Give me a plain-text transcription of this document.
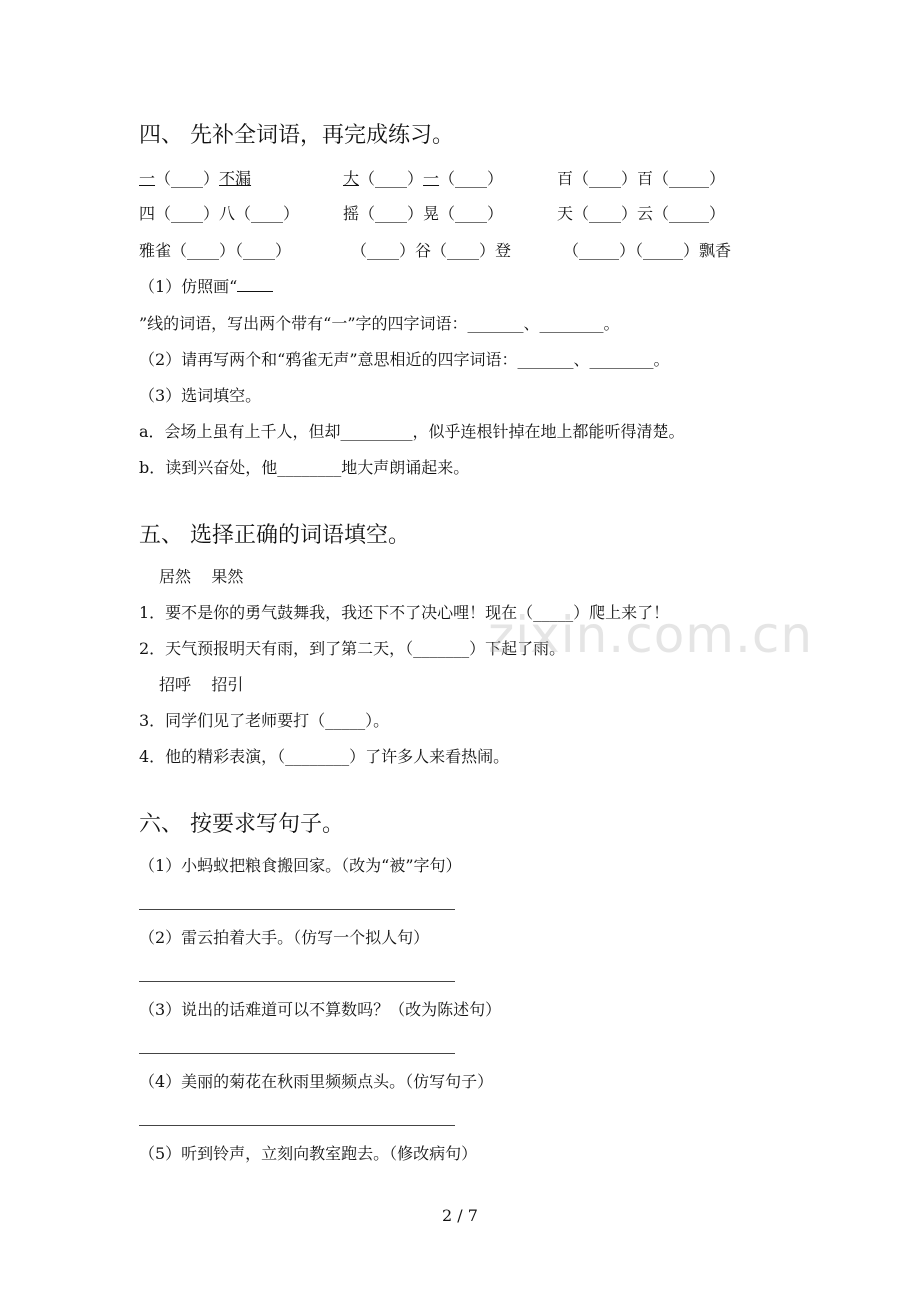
四、 先补全词语，再完成练习。
一（____）不漏	大（____）一（____）	百（____）百（_____）
四（____）八（____）	摇（____）晃（____）	天（____）云（_____）
雅雀（____）（____）	（____）谷（____）登	（_____）（_____）飘香
（1）仿照画“
”线的词语，写出两个带有“一”字的四字词语：_______、________。
（2）请再写两个和“鸦雀无声”意思相近的四字词语：_______、________。
（3）选词填空。
a．会场上虽有上千人，但却_________，似乎连根针掉在地上都能听得清楚。
b．读到兴奋处，他________地大声朗诵起来。
五、 选择正确的词语填空。
居然    果然
1．要不是你的勇气鼓舞我，我还下不了决心哩！现在（_____）爬上来了！
2．天气预报明天有雨，到了第二天，（_______）下起了雨。
招呼    招引
3．同学们见了老师要打（_____）。
4．他的精彩表演，（________）了许多人来看热闹。
六、 按要求写句子。
（1）小蚂蚁把粮食搬回家。（改为“被”字句）
（2）雷云拍着大手。（仿写一个拟人句）
（3）说出的话难道可以不算数吗？（改为陈述句）
（4）美丽的菊花在秋雨里频频点头。（仿写句子）
（5）听到铃声，立刻向教室跑去。（修改病句）
zixin.com.cn
2 / 7
